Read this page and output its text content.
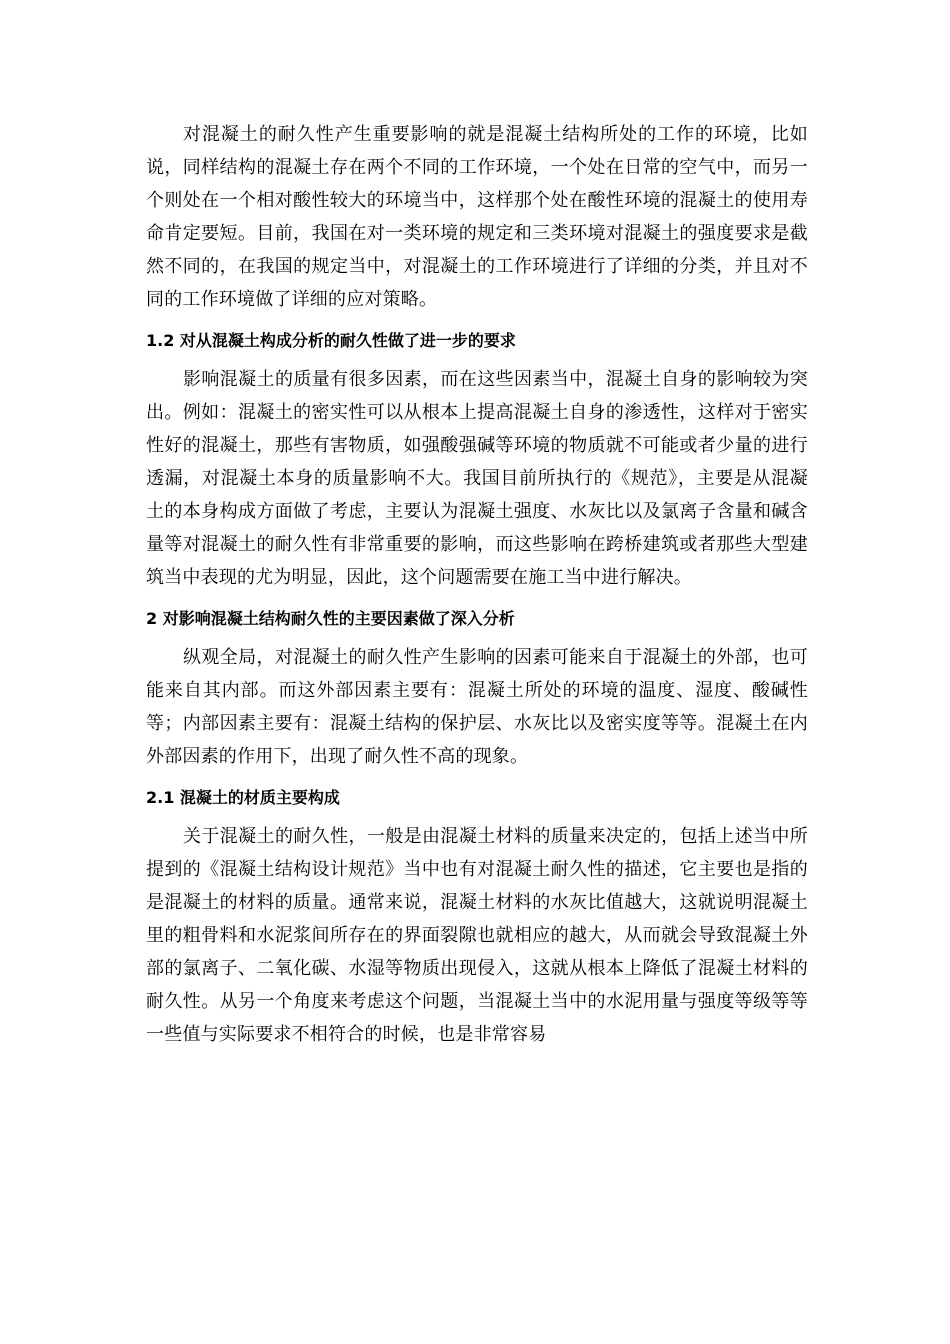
对混凝土的耐久性产生重要影响的就是混凝土结构所处的工作的环境，比如说，同样结构的混凝土存在两个不同的工作环境，一个处在日常的空气中，而另一个则处在一个相对酸性较大的环境当中，这样那个处在酸性环境的混凝土的使用寿命肯定要短。目前，我国在对一类环境的规定和三类环境对混凝土的强度要求是截然不同的，在我国的规定当中，对混凝土的工作环境进行了详细的分类，并且对不同的工作环境做了详细的应对策略。

1.2 对从混凝土构成分析的耐久性做了进一步的要求

影响混凝土的质量有很多因素，而在这些因素当中，混凝土自身的影响较为突出。例如：混凝土的密实性可以从根本上提高混凝土自身的渗透性，这样对于密实性好的混凝土，那些有害物质，如强酸强碱等环境的物质就不可能或者少量的进行透漏，对混凝土本身的质量影响不大。我国目前所执行的《规范》，主要是从混凝土的本身构成方面做了考虑，主要认为混凝土强度、水灰比以及氯离子含量和碱含量等对混凝土的耐久性有非常重要的影响，而这些影响在跨桥建筑或者那些大型建筑当中表现的尤为明显，因此，这个问题需要在施工当中进行解决。

2 对影响混凝土结构耐久性的主要因素做了深入分析

纵观全局，对混凝土的耐久性产生影响的因素可能来自于混凝土的外部，也可能来自其内部。而这外部因素主要有：混凝土所处的环境的温度、湿度、酸碱性等；内部因素主要有：混凝土结构的保护层、水灰比以及密实度等等。混凝土在内外部因素的作用下，出现了耐久性不高的现象。

2.1 混凝土的材质主要构成

关于混凝土的耐久性，一般是由混凝土材料的质量来决定的，包括上述当中所提到的《混凝土结构设计规范》当中也有对混凝土耐久性的描述，它主要也是指的是混凝土的材料的质量。通常来说，混凝土材料的水灰比值越大，这就说明混凝土里的粗骨料和水泥浆间所存在的界面裂隙也就相应的越大，从而就会导致混凝土外部的氯离子、二氧化碳、水湿等物质出现侵入，这就从根本上降低了混凝土材料的耐久性。从另一个角度来考虑这个问题，当混凝土当中的水泥用量与强度等级等等一些值与实际要求不相符合的时候，也是非常容易
